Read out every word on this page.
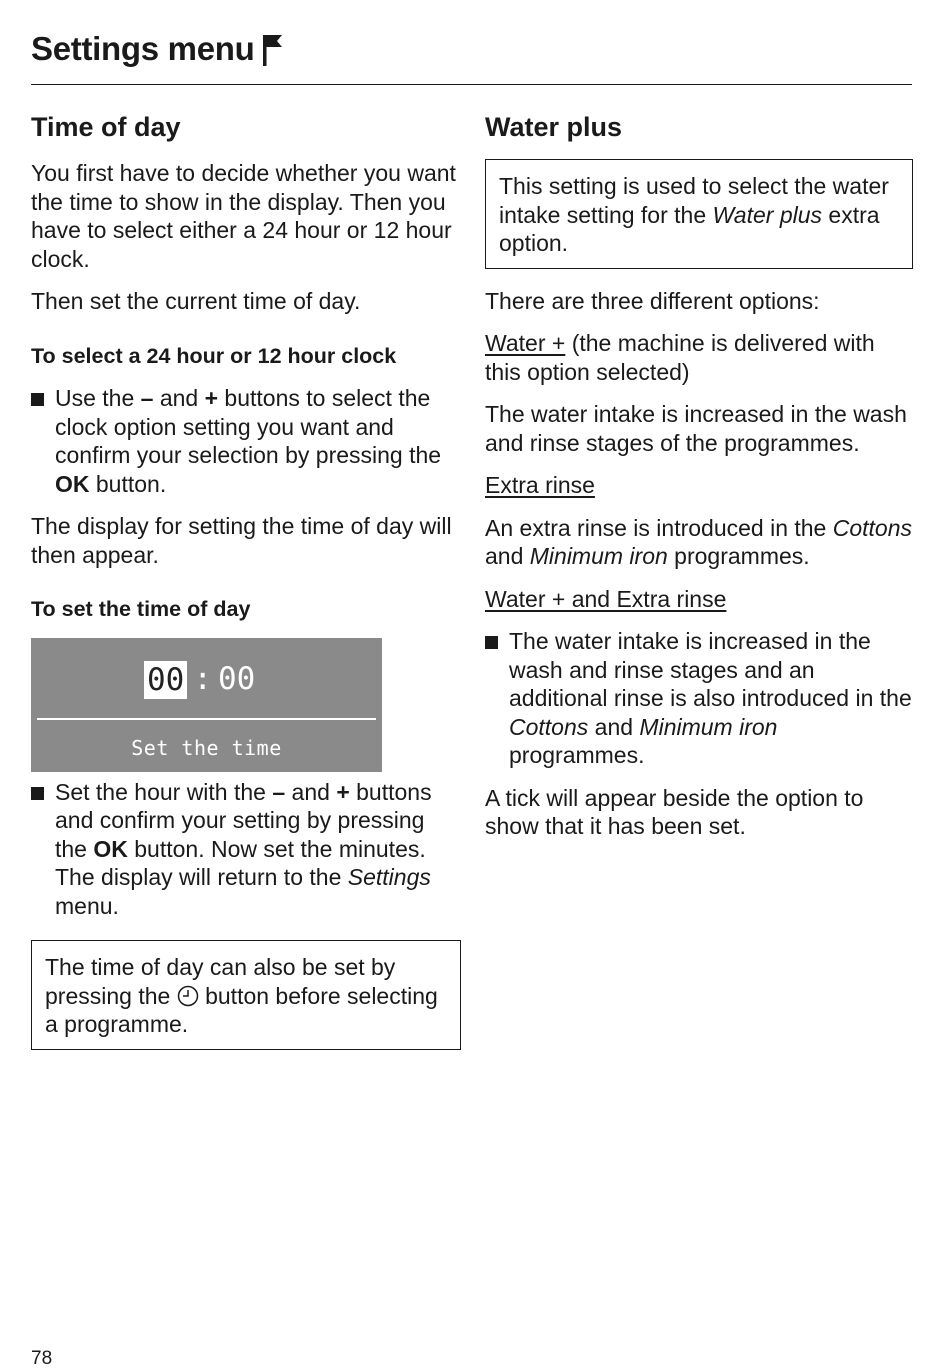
Settings menu
Time of day

You first have to decide whether you want the time to show in the display. Then you have to select either a 24 hour or 12 hour clock.

Then set the current time of day.

To select a 24 hour or 12 hour clock
Use the – and + buttons to select the clock option setting you want and confirm your selection by pressing the OK button.

The display for setting the time of day will then appear.

To set the time of day
00 : 00
Set the time
Set the hour with the – and + buttons and confirm your setting by pressing the OK button. Now set the minutes. The display will return to the Settings menu.
The time of day can also be set by pressing the  button before selecting a programme.
Water plus
This setting is used to select the water intake setting for the Water plus extra option.

There are three different options:

Water + (the machine is delivered with this option selected)

The water intake is increased in the wash and rinse stages of the programmes.

Extra rinse

An extra rinse is introduced in the Cottons and Minimum iron programmes.

Water + and Extra rinse

The water intake is increased in the wash and rinse stages and an additional rinse is also introduced in the Cottons and Minimum iron programmes.

A tick will appear beside the option to show that it has been set.

78
